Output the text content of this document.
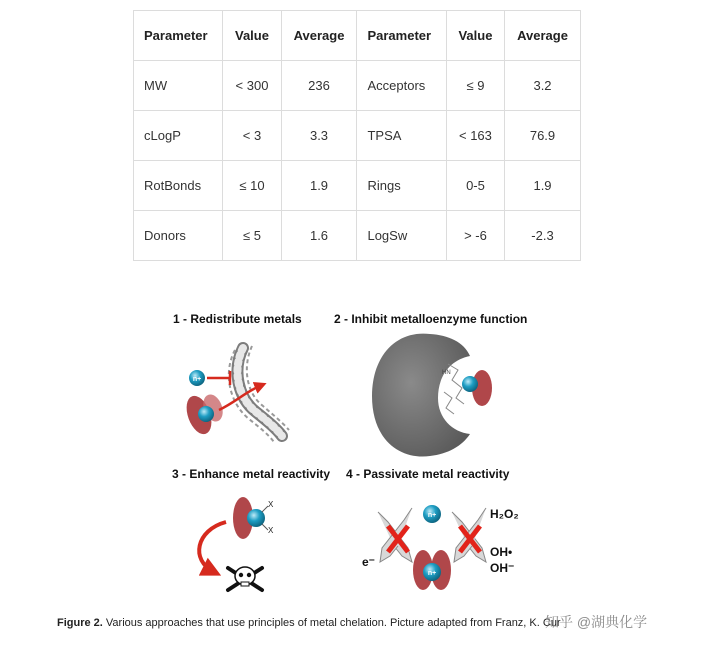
Parameter	Value	Average	Parameter	Value	Average
MW	< 300	236	Acceptors	≤ 9	3.2
cLogP	< 3	3.3	TPSA	< 163	76.9
RotBonds	≤ 10	1.9	Rings	0-5	1.9
Donors	≤ 5	1.6	LogSw	> -6	-2.3
1 - Redistribute metals	2 - Inhibit metalloenzyme function
3 - Enhance metal reactivity 4 - Passivate metal reactivity
n+
HN
X
X
n+
n+
e⁻
H₂O₂
OH•
OH⁻
Figure 2. Various approaches that use principles of metal chelation. Picture adapted from Franz, K. Cur
知乎 @湖典化学
